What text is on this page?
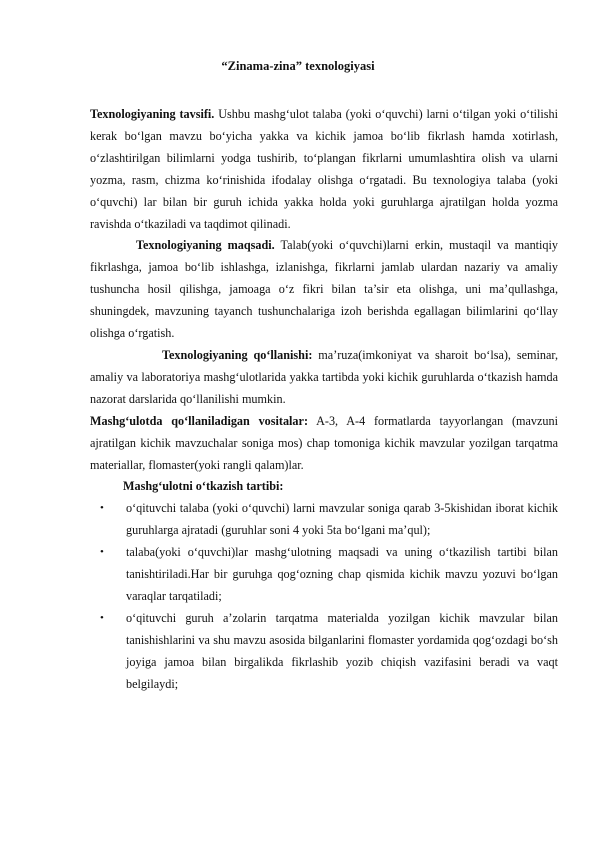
“Zinama-zina” texnologiyasi

Texnologiyaning tavsifi. Ushbu mashg‘ulot talaba (yoki o‘quvchi) larni o‘tilgan yoki o‘tilishi kerak bo‘lgan mavzu bo‘yicha yakka va kichik jamoa bo‘lib fikrlash hamda xotirlash, o‘zlashtirilgan bilimlarni yodga tushirib, to‘plangan fikrlarni umumlashtira olish va ularni yozma, rasm, chizma ko‘rinishida ifodalay olishga o‘rgatadi. Bu texnologiya talaba (yoki o‘quvchi) lar bilan bir guruh ichida yakka holda yoki guruhlarga ajratilgan holda yozma ravishda o‘tkaziladi va taqdimot qilinadi.

Texnologiyaning maqsadi. Talab(yoki o‘quvchi)larni erkin, mustaqil va mantiqiy fikrlashga, jamoa bo‘lib ishlashga, izlanishga, fikrlarni jamlab ulardan nazariy va amaliy tushuncha hosil qilishga, jamoaga o‘z fikri bilan ta’sir eta olishga, uni ma’qullashga, shuningdek, mavzuning tayanch tushunchalariga izoh berishda egallagan bilimlarini qo‘llay olishga o‘rgatish.

Texnologiyaning qo‘llanishi: ma’ruza(imkoniyat va sharoit bo‘lsa), seminar, amaliy va laboratoriya mashg‘ulotlarida yakka tartibda yoki kichik guruhlarda o‘tkazish hamda nazorat darslarida qo‘llanilishi mumkin.

Mashg‘ulotda qo‘llaniladigan vositalar: A-3, A-4 formatlarda tayyorlangan (mavzuni ajratilgan kichik mavzuchalar soniga mos) chap tomoniga kichik mavzular yozilgan tarqatma materiallar, flomaster(yoki rangli qalam)lar.

Mashg‘ulotni o‘tkazish tartibi:

• o‘qituvchi talaba (yoki o‘quvchi) larni mavzular soniga qarab 3-5kishidan iborat kichik guruhlarga ajratadi (guruhlar soni 4 yoki 5ta bo‘lgani ma’qul);
• talaba(yoki o‘quvchi)lar mashg‘ulotning maqsadi va uning o‘tkazilish tartibi bilan tanishtiriladi.Har bir guruhga qog‘ozning chap qismida kichik mavzu yozuvi bo‘lgan varaqlar tarqatiladi;
• o‘qituvchi guruh a’zolarin tarqatma materialda yozilgan kichik mavzular bilan tanishishlarini va shu mavzu asosida bilganlarini flomaster yordamida qog‘ozdagi bo‘sh joyiga jamoa bilan birgalikda fikrlashib yozib chiqish vazifasini beradi va vaqt belgilaydi;
